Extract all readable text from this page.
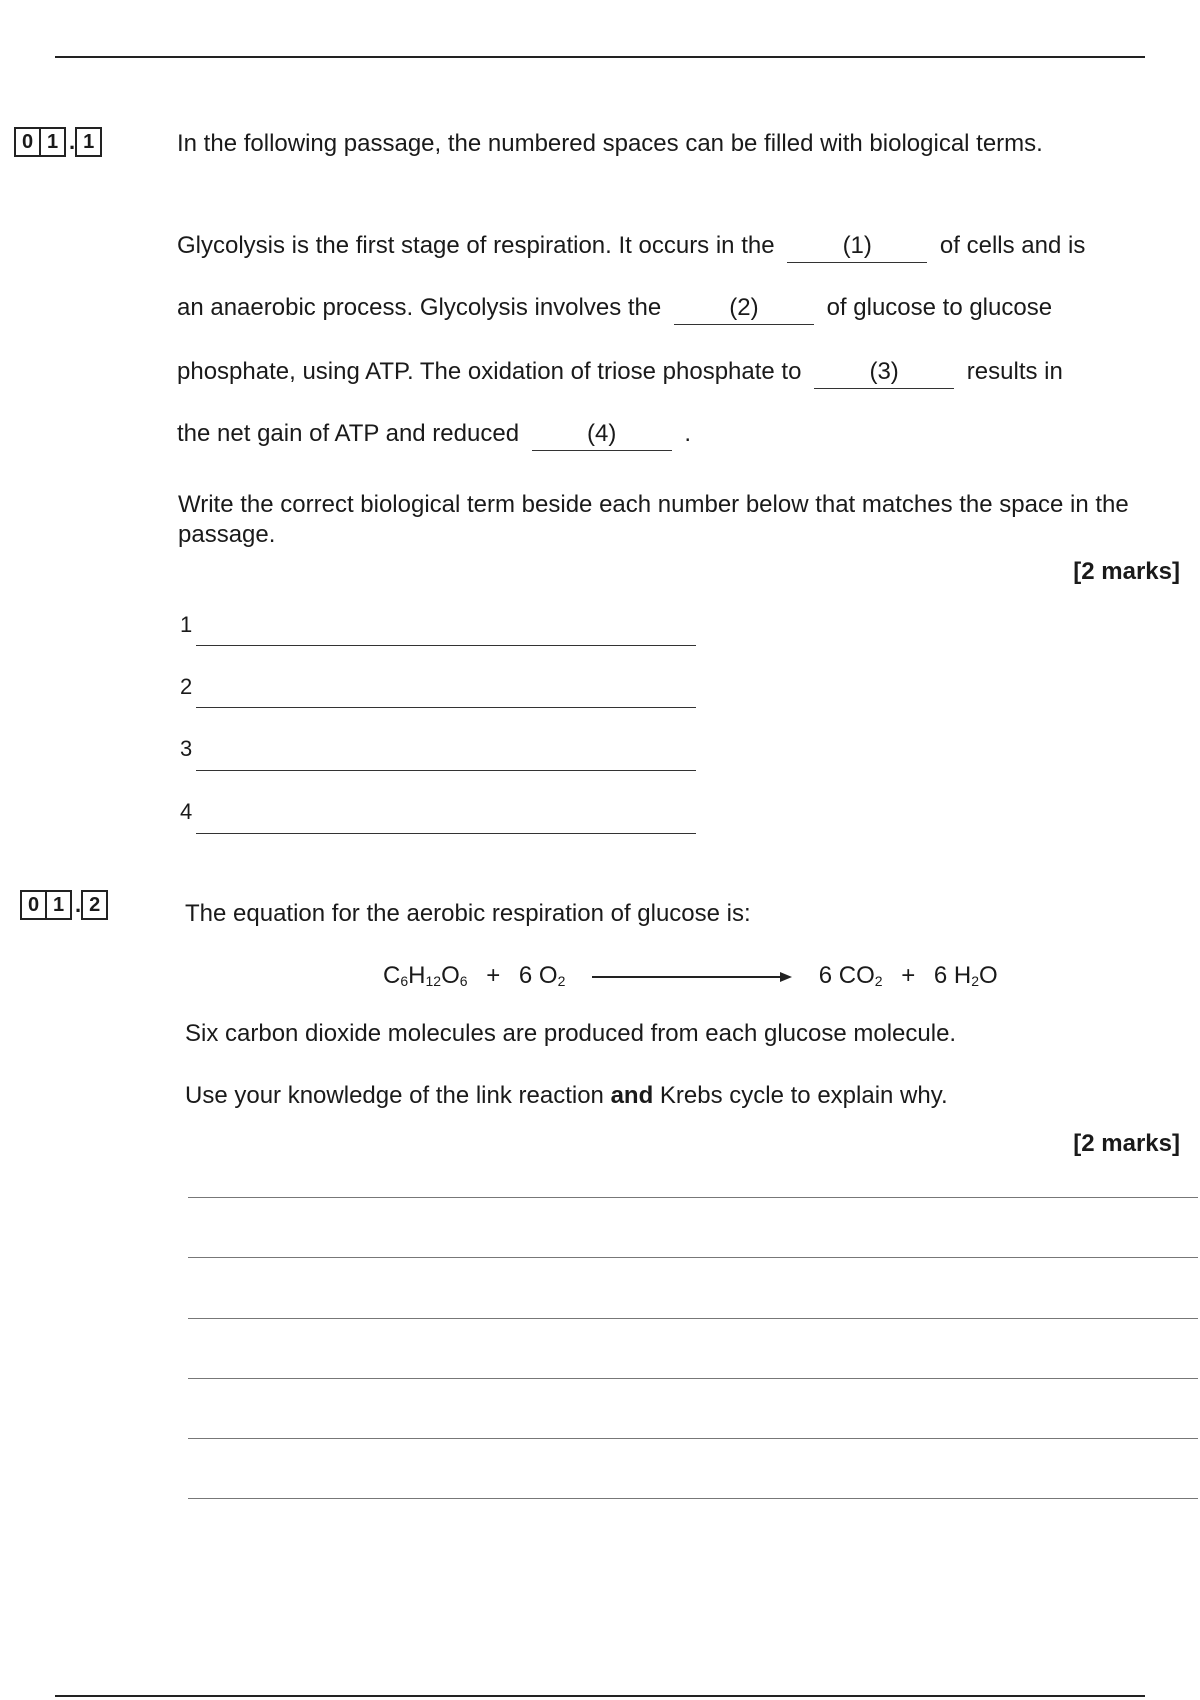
0 1 . 1	In the following passage, the numbered spaces can be filled with biological terms.
Glycolysis is the first stage of respiration. It occurs in the	(1)	of cells and is
an anaerobic process. Glycolysis involves the	(2)	of glucose to glucose
phosphate, using ATP. The oxidation of triose phosphate to	(3)	results in
the net gain of ATP and reduced	(4)	.
Write the correct biological term beside each number below that matches the space in the passage.
[2 marks]
1
2
3
4
0 1 . 2	The equation for the aerobic respiration of glucose is:
$C_6H_{12}O_6 + 6$ $O_2$	6 $CO_2 + 6$ $H_2O$
Six carbon dioxide molecules are produced from each glucose molecule.
Use your knowledge of the link reaction and Krebs cycle to explain why.
[2 marks]
